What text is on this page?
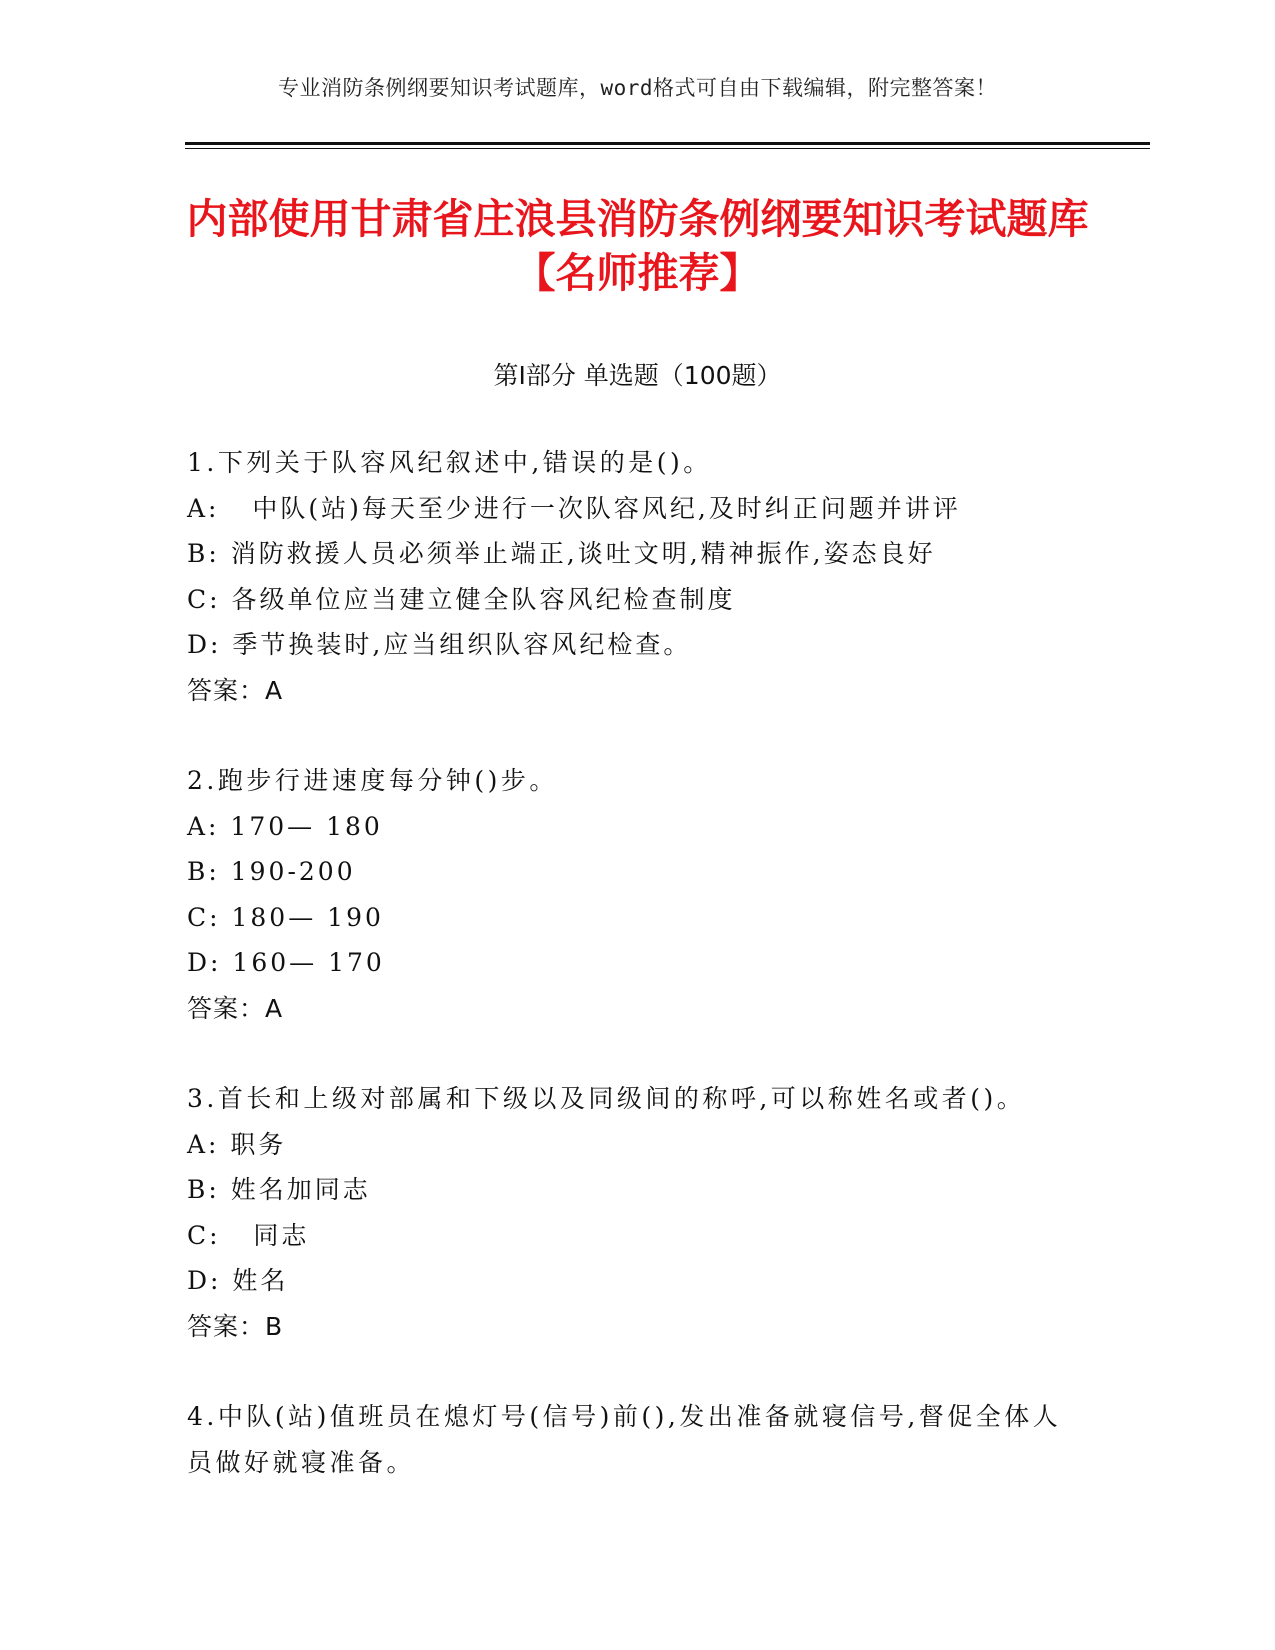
专业消防条例纲要知识考试题库，word格式可自由下载编辑，附完整答案！
内部使用甘肃省庄浪县消防条例纲要知识考试题库【名师推荐】
第Ⅰ部分 单选题（100题）
1.下列关于队容风纪叙述中,错误的是()。
A:   中队(站)每天至少进行一次队容风纪,及时纠正问题并讲评
B: 消防救援人员必须举止端正,谈吐文明,精神振作,姿态良好
C: 各级单位应当建立健全队容风纪检查制度
D: 季节换装时,应当组织队容风纪检查。
答案：A
2.跑步行进速度每分钟()步。
A: 170— 180
B: 190-200
C: 180— 190
D: 160— 170
答案：A
3.首长和上级对部属和下级以及同级间的称呼,可以称姓名或者()。
A: 职务
B: 姓名加同志
C:   同志
D: 姓名
答案：B
4.中队(站)值班员在熄灯号(信号)前(),发出准备就寝信号,督促全体人员做好就寝准备。
